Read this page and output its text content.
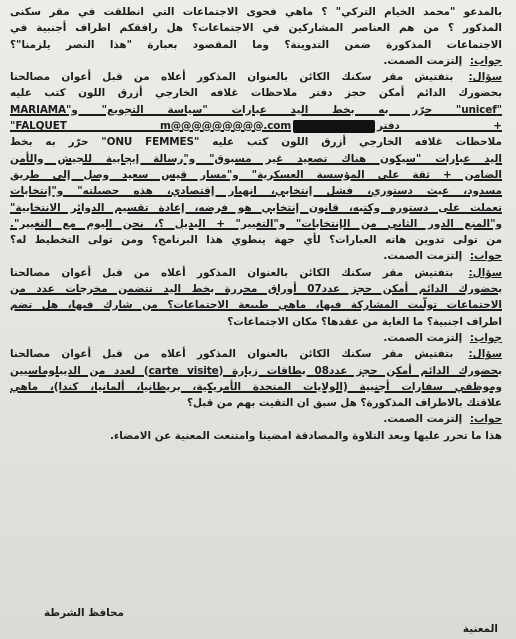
بالمدعو "محمد الخيام التركي" ؟ ماهي فحوى الاجتماعات التي انطلقت في مقر سكنى
المذكور ؟ من هم العناصر المشاركين في الاجتماعات؟ هل رافقكم اطراف أجنبية في
الاجتماعات المذكورة ضمن التدوينة؟ وما المقصود بعبارة "هذا النصر يلزمنا"؟
جواب: إلتزمت الصمت.
سؤال: بتفتيش مقر سكنك الكائن بالعنوان المذكور أعلاه من قبل أعوان مصالحنا
بحضورك الدائم أمكن حجز دفتر ملاحظات غلافه الخارجي أزرق اللون كتب عليه
"unicef" حرّر به بخط اليد عبارات "سياسة التجويع" و"MARIAMA
+ دفتر"FALQUET m@@@@@@@@@.com
ملاحظات غلافه الخارجي أزرق اللون كتب عليه "ONU FEMMES" حرّر به بخط
اليد عبارات "سيكون هناك تصعيد غير مسبوق" و"رسالة إيجابية للجيش والأمن
الضامن + ثقة على المؤسسة العسكرية" و"مسار قيس سعيد وصل إلى طريق
مسدود، عبث دستوري، فشل إنتخابي، انهيار إقتصادي، هذه حصيلته" و"إنتخابات
تعملت على دستوره وكتبه، قانون إنتخابي هو فرضه، إعادة تقسيم الدوائر الانتخابية"
و"المنع الدور الثاني من الإنتخابات" و"التغيير" + البديل ؟، نحن اليوم مع التغيير".
من تولى تدوين هاته العبارات؟ لأي جهة ينطوي هذا البرنامج؟ ومن تولى التخطيط له؟
جواب: إلتزمت الصمت.
سؤال: بتفتيش مقر سكنك الكائن بالعنوان المذكور أعلاه من قبل أعوان مصالحنا
بحضورك الدائم أمكن حجز عدد07 أوراق محررة بخط اليد تتضمن مخرجات عدد من
الاجتماعات تولّيت المشاركة فيها، ماهي طبيعة الاجتماعات؟ من شارك فيها، هل تضم
اطراف اجنبية؟ ما الغاية من عقدها؟ مكان الاجتماعات؟
جواب: إلتزمت الصمت.
سؤال: بتفتيش مقر سكنك الكائن بالعنوان المذكور أعلاه من قبل أعوان مصالحنا
بحضورك الدائم أمكن حجز عدد08 بطاقات زيارة (carte visite) لعدد من الديبلوماسيين
وموظفي سفارات أجنبية (الولايات المتحدة الأمريكية، بريطانيا، ألمانيا، كندا)، ماهي
علاقتك بالاطراف المذكورة؟ هل سبق ان التقيت بهم من قبل؟
جواب: إلتزمت الصمت.
هذا ما تحرر عليها وبعد التلاوة والمصادقة امضينا وامتنعت المعنية عن الامضاء.
محافظ الشرطة
المعنية
